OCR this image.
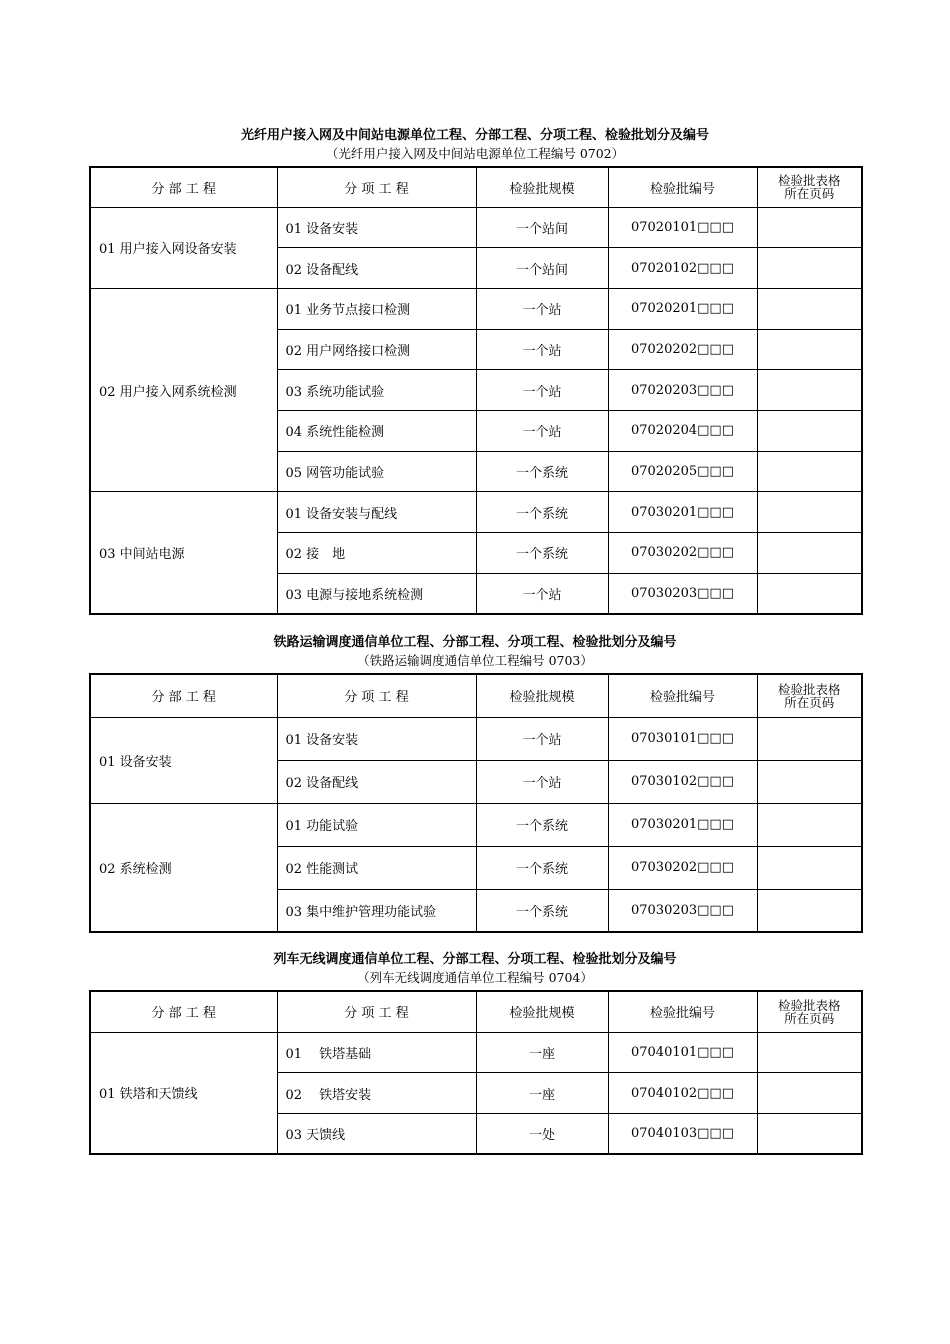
光纤用户接入网及中间站电源单位工程、分部工程、分项工程、检验批划分及编号
（光纤用户接入网及中间站电源单位工程编号 0702）
分 部 工 程	分 项 工 程	检验批规模	检验批编号	检验批表格
所在页码

01 用户接入网设备安装	01 设备安装	一个站间	07020101□□□	
	02 设备配线	一个站间	07020102□□□	
02 用户接入网系统检测	01 业务节点接口检测	一个站	07020201□□□	
	02 用户网络接口检测	一个站	07020202□□□	
	03 系统功能试验	一个站	07020203□□□	
	04 系统性能检测	一个站	07020204□□□	
	05 网管功能试验	一个系统	07020205□□□	
03 中间站电源	01 设备安装与配线	一个系统	07030201□□□	
	02 接　地	一个系统	07030202□□□	
	03 电源与接地系统检测	一个站	07030203□□□	
铁路运输调度通信单位工程、分部工程、分项工程、检验批划分及编号
（铁路运输调度通信单位工程编号 0703）
分 部 工 程	分 项 工 程	检验批规模	检验批编号	检验批表格
所在页码

01 设备安装	01 设备安装	一个站	07030101□□□	
	02 设备配线	一个站	07030102□□□	
02 系统检测	01 功能试验	一个系统	07030201□□□	
	02 性能测试	一个系统	07030202□□□	
	03 集中维护管理功能试验	一个系统	07030203□□□	
列车无线调度通信单位工程、分部工程、分项工程、检验批划分及编号
（列车无线调度通信单位工程编号 0704）
分 部 工 程	分 项 工 程	检验批规模	检验批编号	检验批表格
所在页码

01 铁塔和天馈线	01　 铁塔基础	一座	07040101□□□	
	02　 铁塔安装	一座	07040102□□□	
	03 天馈线	一处	07040103□□□	
